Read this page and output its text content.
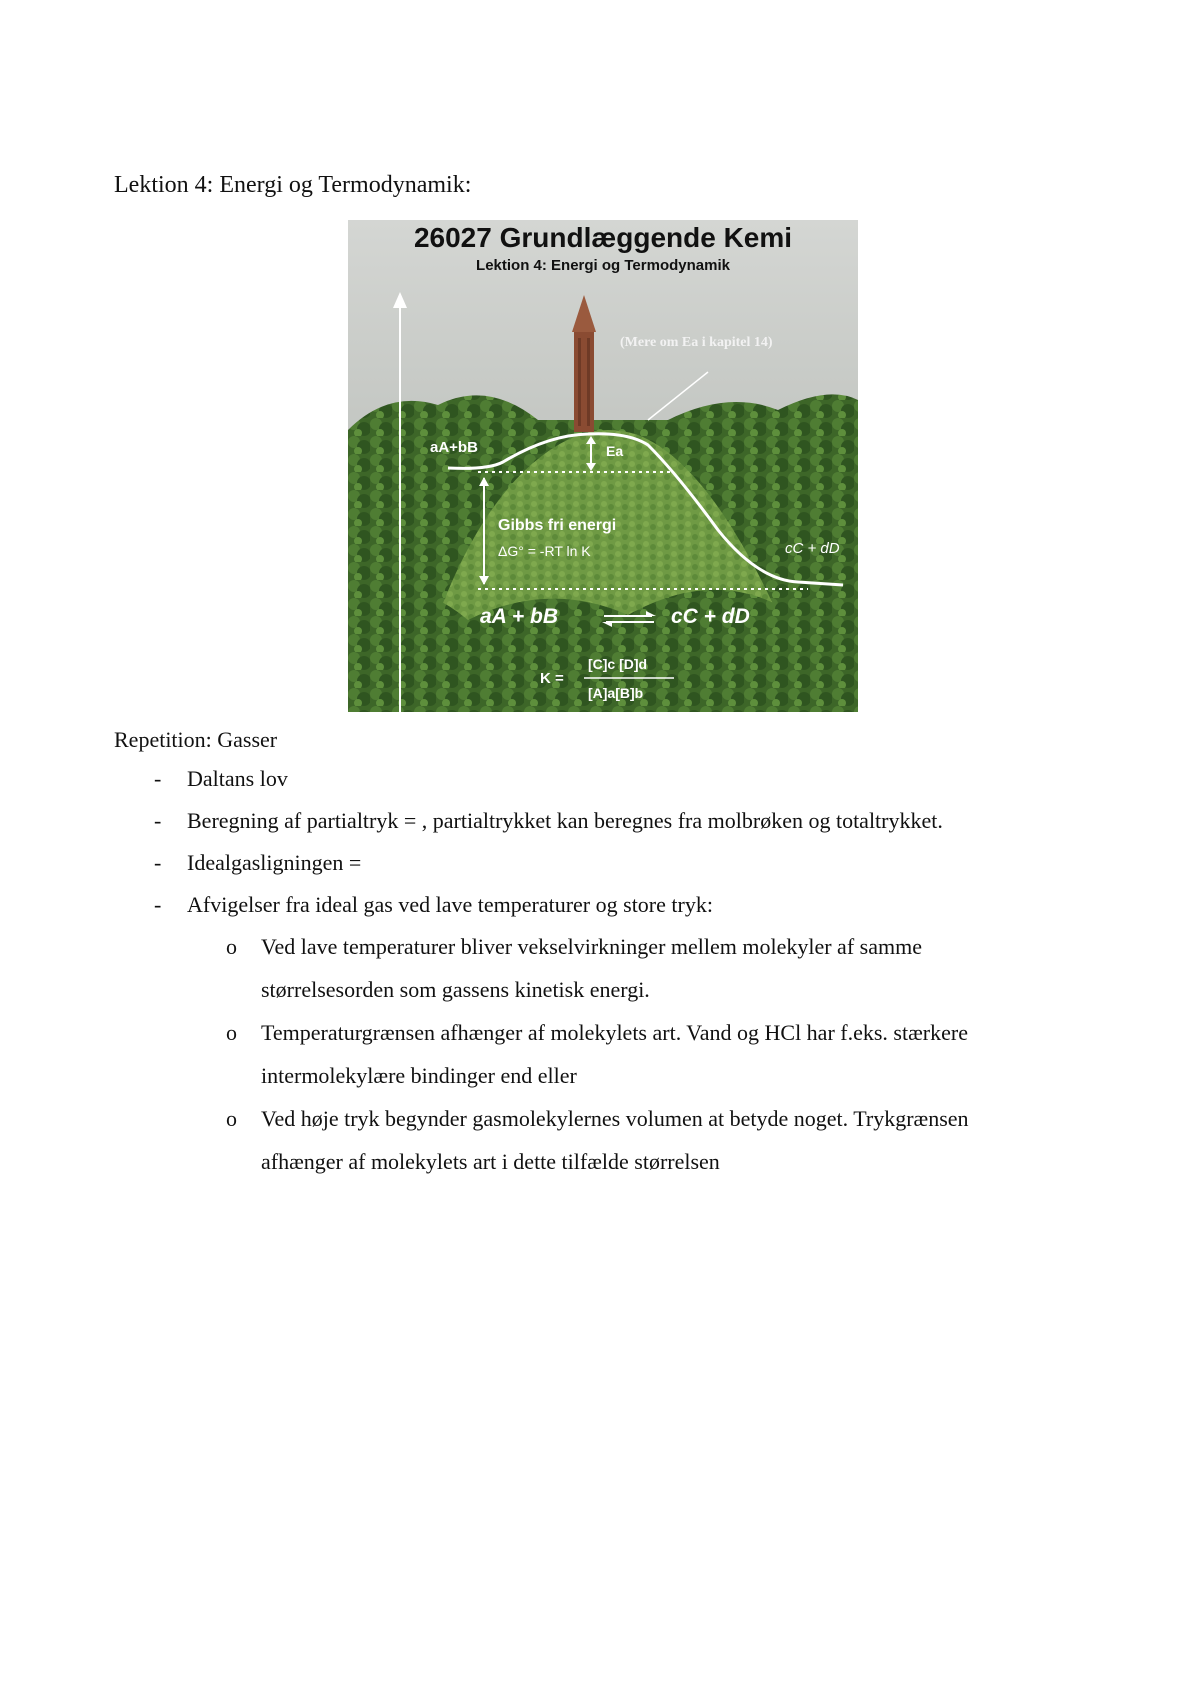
Lektion 4: Energi og Termodynamik:
26027 Grundlæggende Kemi
Lektion 4: Energi og Termodynamik
(Mere om Ea i kapitel 14)
aA+bB	Ea
cC + dD
Gibbs fri energi
ΔG° = -RT ln K
aA + bB	cC + dD
K =
[C]c [D]d
[A]a[B]b
Repetition: Gasser
- Daltans lov
- Beregning af partialtryk = , partialtrykket kan beregnes fra molbrøken og totaltrykket.
- Idealgasligningen =
- Afvigelser fra ideal gas ved lave temperaturer og store tryk:
o Ved lave temperaturer bliver vekselvirkninger mellem molekyler af samme
størrelsesorden som gassens kinetisk energi.
o Temperaturgrænsen afhænger af molekylets art. Vand og HCl har f.eks. stærkere
intermolekylære bindinger end eller
o Ved høje tryk begynder gasmolekylernes volumen at betyde noget. Trykgrænsen
afhænger af molekylets art i dette tilfælde størrelsen
